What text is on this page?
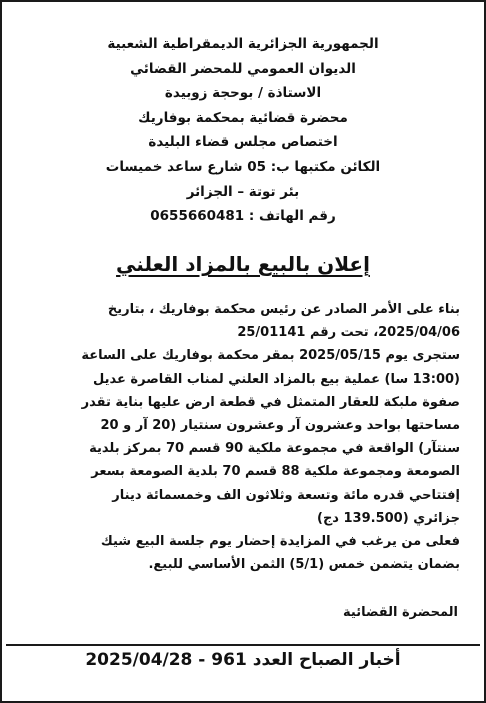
الجمهورية الجزائرية الديمقراطية الشعبية
الديوان العمومي للمحضر القضائي
الاستاذة / بوحجة زوبيدة
محضرة قضائية بمحكمة بوفاريك
اختصاص مجلس قضاء البليدة
الكائن مكتبها ب: 05 شارع ساعد خميسات
بئر توتة – الجزائر
رقم الهاتف : 0655660481
إعلان بالبيع بالمزاد العلني
بناء على الأمر الصادر عن رئيس محكمة بوفاريك ، بتاريخ
2025/04/06، تحت رقم 25/01141
ستجرى يوم 2025/05/15 بمقر محكمة بوفاريك على الساعة
(13:00 سا) عملية بيع بالمزاد العلني لمناب القاصرة عديل
صفوة ملبكة للعقار المتمثل في قطعة ارض عليها بناية تقدر
مساحتها بواحد وعشرون آر وعشرون سنتيار (20 آر و 20
سنتآر) الواقعة في مجموعة ملكية 90 قسم 70 بمركز بلدية
الصومعة ومجموعة ملكية 88 قسم 70 بلدية الصومعة بسعر
إفتتاحي قدره مائة وتسعة وثلاثون الف وخمسمائة دينار
جزائري (139.500 دج)
فعلى من يرغب في المزايدة إحضار يوم جلسة البيع شيك
بضمان يتضمن خمس (5/1) الثمن الأساسي للبيع.
المحضرة القضائية
أخبار الصباح العدد 961 - 2025/04/28
